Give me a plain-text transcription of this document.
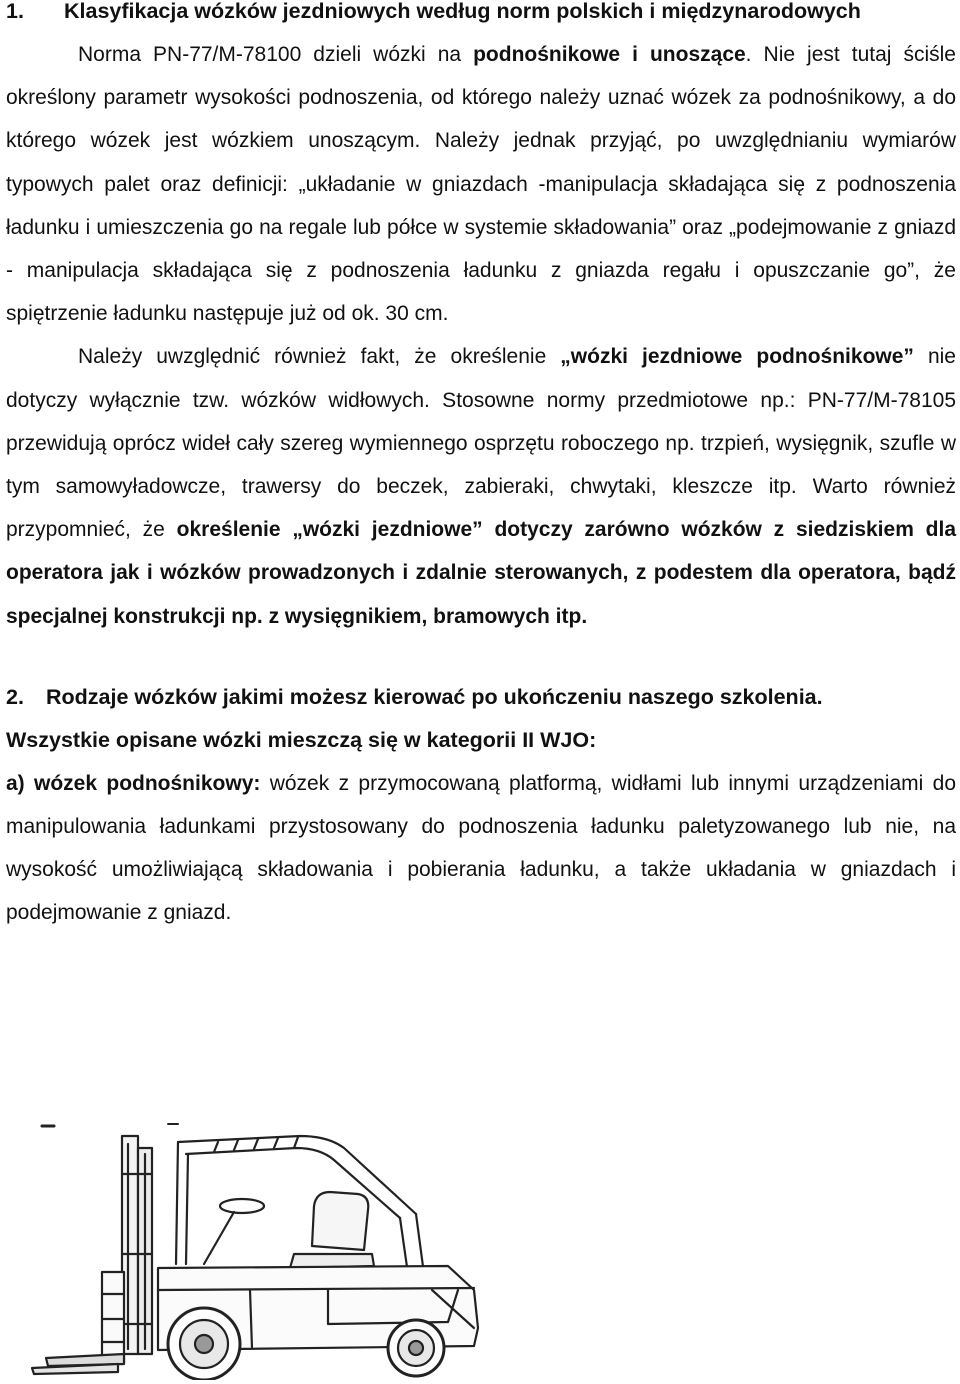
1. Klasyfikacja wózków jezdniowych według norm polskich i międzynarodowych

Norma PN-77/M-78100 dzieli wózki na podnośnikowe i unoszące. Nie jest tutaj ściśle określony parametr wysokości podnoszenia, od którego należy uznać wózek za podnośnikowy, a do którego wózek jest wózkiem unoszącym. Należy jednak przyjąć, po uwzględnianiu wymiarów typowych palet oraz definicji: „układanie w gniazdach -manipulacja składająca się z podnoszenia ładunku i umieszczenia go na regale lub półce w systemie składowania” oraz „podejmowanie z gniazd - manipulacja składająca się z podnoszenia ładunku z gniazda regału i opuszczanie go”, że spiętrzenie ładunku następuje już od ok. 30 cm.

Należy uwzględnić również fakt, że określenie „wózki jezdniowe podnośnikowe” nie dotyczy wyłącznie tzw. wózków widłowych. Stosowne normy przedmiotowe np.: PN-77/M-78105 przewidują oprócz wideł cały szereg wymiennego osprzętu roboczego np. trzpień, wysięgnik, szufle w tym samowyładowcze, trawersy do beczek, zabieraki, chwytaki, kleszcze itp. Warto również przypomnieć, że określenie „wózki jezdniowe” dotyczy zarówno wózków z siedziskiem dla operatora jak i wózków prowadzonych i zdalnie sterowanych, z podestem dla operatora, bądź specjalnej konstrukcji np. z wysięgnikiem, bramowych itp.

2. Rodzaje wózków jakimi możesz kierować po ukończeniu naszego szkolenia.
Wszystkie opisane wózki mieszczą się w kategorii II WJO:

a) wózek podnośnikowy: wózek z przymocowaną platformą, widłami lub innymi urządzeniami do manipulowania ładunkami przystosowany do podnoszenia ładunku paletyzowanego lub nie, na wysokość umożliwiającą składowania i pobierania ładunku, a także układania w gniazdach i podejmowanie z gniazd.
